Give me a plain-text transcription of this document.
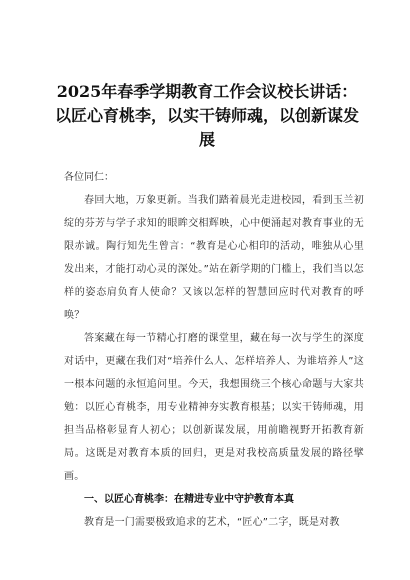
2025年春季学期教育工作会议校长讲话：以匠心育桃李，以实干铸师魂，以创新谋发展
各位同仁：

春回大地，万象更新。当我们踏着晨光走进校园，看到玉兰初绽的芬芳与学子求知的眼眸交相辉映，心中便涌起对教育事业的无限赤诚。陶行知先生曾言：“教育是心心相印的活动，唯独从心里发出来，才能打动心灵的深处。”站在新学期的门槛上，我们当以怎样的姿态肩负育人使命？又该以怎样的智慧回应时代对教育的呼唤？

答案藏在每一节精心打磨的课堂里，藏在每一次与学生的深度对话中，更藏在我们对“培养什么人、怎样培养人、为谁培养人”这一根本问题的永恒追问里。今天，我想围绕三个核心命题与大家共勉：以匠心育桃李，用专业精神夯实教育根基；以实干铸师魂，用担当品格彰显育人初心；以创新谋发展，用前瞻视野开拓教育新局。这既是对教育本质的回归，更是对我校高质量发展的路径擘画。

一、以匠心育桃李：在精进专业中守护教育本真

教育是一门需要极致追求的艺术，“匠心”二字，既是对教
